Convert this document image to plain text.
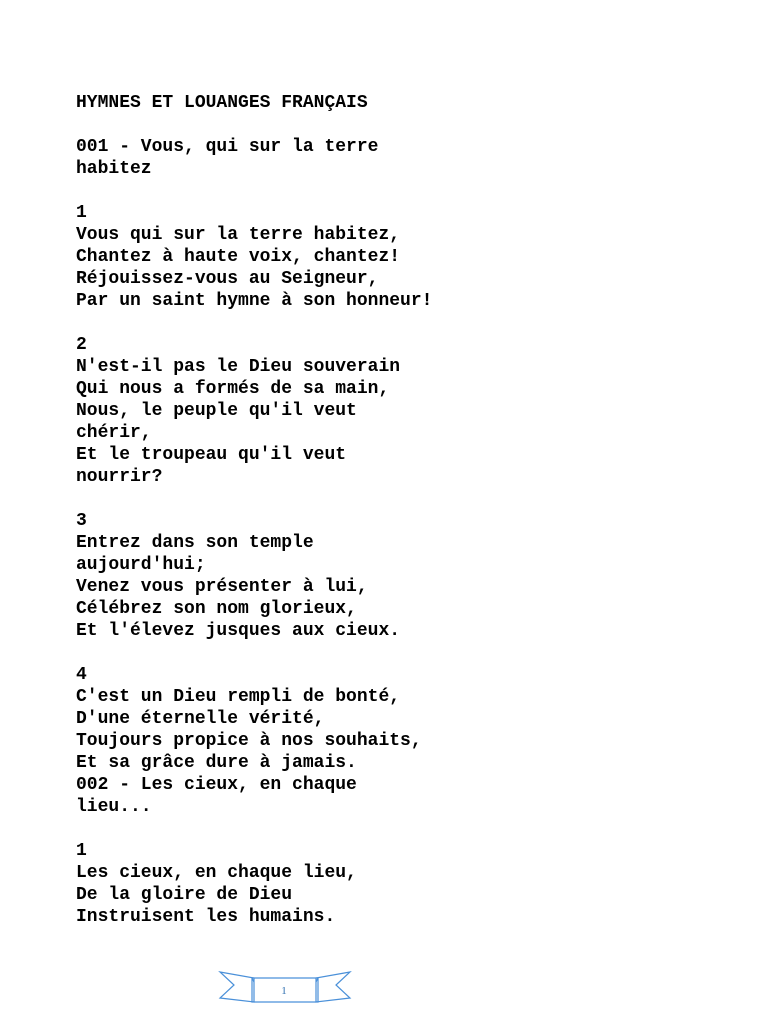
HYMNES ET LOUANGES FRANÇAIS
001 - Vous, qui sur la terre
habitez
1
Vous qui sur la terre habitez,
Chantez à haute voix, chantez!
Réjouissez-vous au Seigneur,
Par un saint hymne à son honneur!
2
N'est-il pas le Dieu souverain
Qui nous a formés de sa main,
Nous, le peuple qu'il veut
chérir,
Et le troupeau qu'il veut
nourrir?
3
Entrez dans son temple
aujourd'hui;
Venez vous présenter à lui,
Célébrez son nom glorieux,
Et l'élevez jusques aux cieux.
4
C'est un Dieu rempli de bonté,
D'une éternelle vérité,
Toujours propice à nos souhaits,
Et sa grâce dure à jamais.
002 - Les cieux, en chaque
lieu...
1
Les cieux, en chaque lieu,
De la gloire de Dieu
Instruisent les humains.
1
